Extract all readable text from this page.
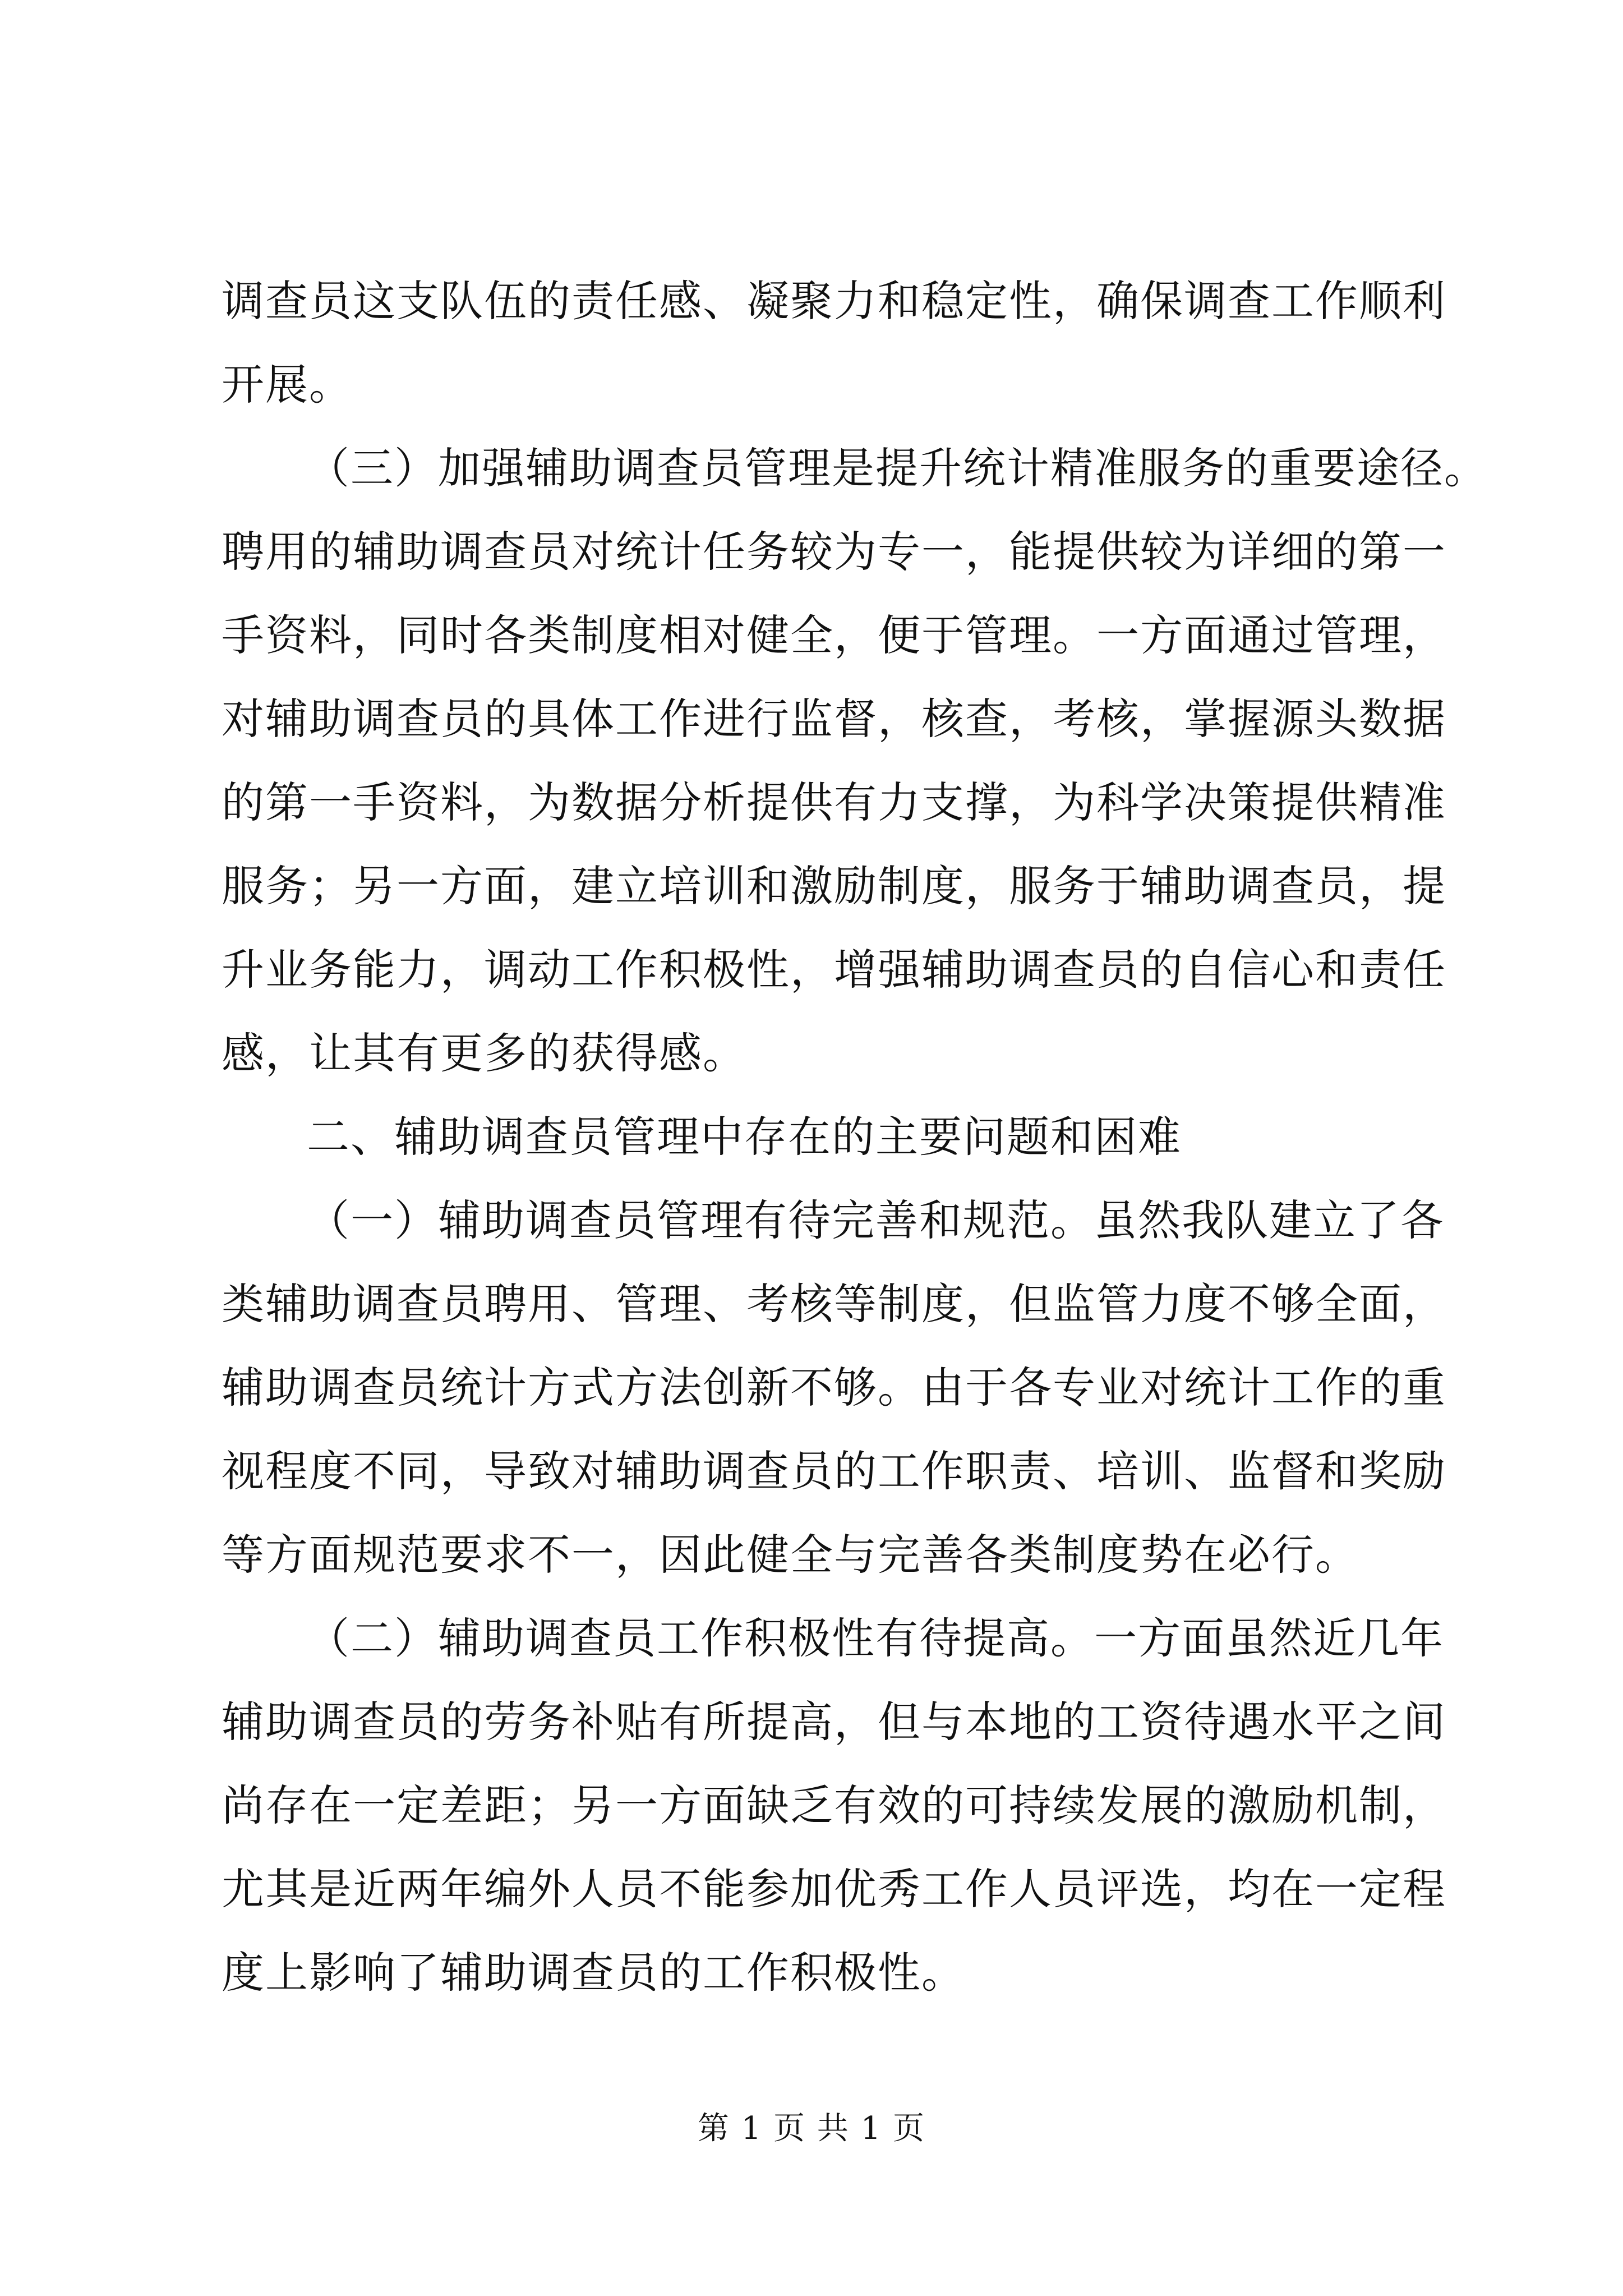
调查员这支队伍的责任感、凝聚力和稳定性，确保调查工作顺利
开展。
（三）加强辅助调查员管理是提升统计精准服务的重要途径。
聘用的辅助调查员对统计任务较为专一，能提供较为详细的第一
手资料，同时各类制度相对健全，便于管理。一方面通过管理，
对辅助调查员的具体工作进行监督，核查，考核，掌握源头数据
的第一手资料，为数据分析提供有力支撑，为科学决策提供精准
服务；另一方面，建立培训和激励制度，服务于辅助调查员，提
升业务能力，调动工作积极性，增强辅助调查员的自信心和责任
感，让其有更多的获得感。
二、辅助调查员管理中存在的主要问题和困难
（一）辅助调查员管理有待完善和规范。虽然我队建立了各
类辅助调查员聘用、管理、考核等制度，但监管力度不够全面，
辅助调查员统计方式方法创新不够。由于各专业对统计工作的重
视程度不同，导致对辅助调查员的工作职责、培训、监督和奖励
等方面规范要求不一，因此健全与完善各类制度势在必行。
（二）辅助调查员工作积极性有待提高。一方面虽然近几年
辅助调查员的劳务补贴有所提高，但与本地的工资待遇水平之间
尚存在一定差距；另一方面缺乏有效的可持续发展的激励机制，
尤其是近两年编外人员不能参加优秀工作人员评选，均在一定程
度上影响了辅助调查员的工作积极性。
第 1 页 共 1 页
